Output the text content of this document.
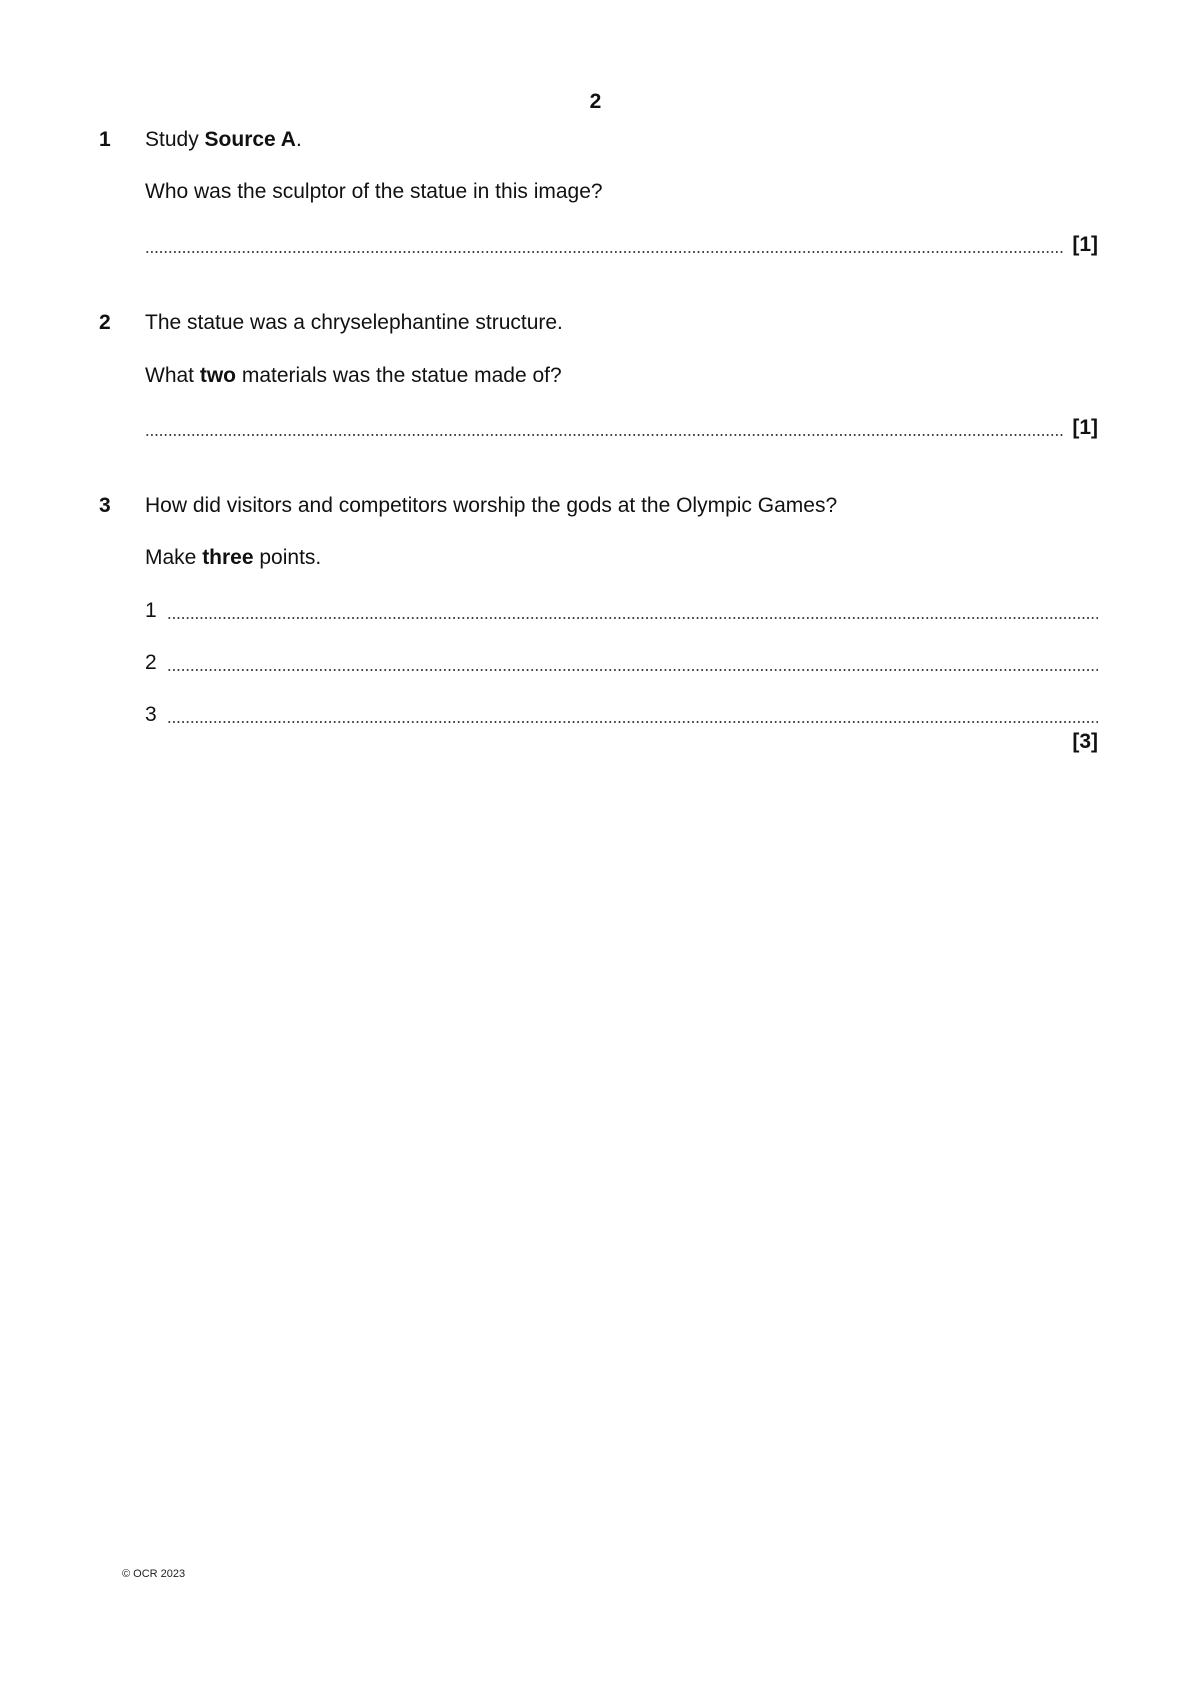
2
1 Study Source A.
Who was the sculptor of the statue in this image?
[1]
2 The statue was a chryselephantine structure.
What two materials was the statue made of?
[1]
3 How did visitors and competitors worship the gods at the Olympic Games?
Make three points.
1
2
3
[3]
© OCR 2023
